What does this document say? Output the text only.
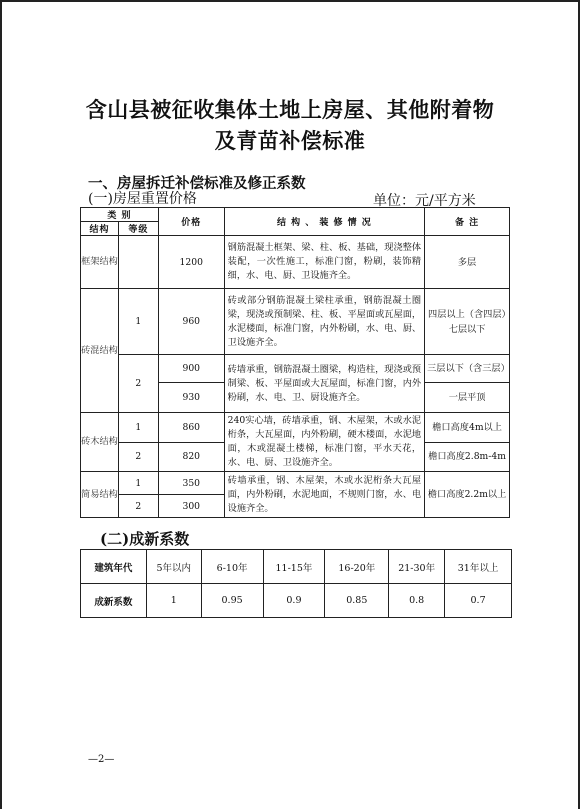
含山县被征收集体土地上房屋、其他附着物
及青苗补偿标准
一、房屋拆迁补偿标准及修正系数
(一)房屋重置价格	单位：元/平方米
类 别		价格	结 构 、 装 修 情 况	备 注
结构	等级			
框架结构		1200	钢筋混凝土框架、梁、柱、板、基础，现浇整体装配，一次性施工，标准门窗，粉刷，装饰精细，水、电、厨、卫设施齐全。	多层
砖混结构	1	960	砖或部分钢筋混凝土梁柱承重，钢筋混凝土圈梁，现浇或预制梁、柱、板、平屋面或瓦屋面，水泥楼面，标准门窗，内外粉刷，水、电、厨、卫设施齐全。	四层以上（含四层）七层以下
	2	900	砖墙承重，钢筋混凝土圈梁，构造柱，现浇或预制梁、板、平屋面或大瓦屋面，标准门窗，内外粉刷，水、电、卫、厨设施齐全。	三层以下（含三层）
		930		一层平顶
砖木结构	1	860	240实心墙，砖墙承重，钢、木屋架，木或水泥桁条，大瓦屋面，内外粉刷，硬木楼面，水泥地面，木或混凝土楼梯，标准门窗，平水天花，水、电、厨、卫设施齐全。	檐口高度4m以上
	2	820		檐口高度2.8m-4m
简易结构	1	350	砖墙承重，钢、木屋架，木或水泥桁条大瓦屋面，内外粉刷，水泥地面，不规则门窗，水、电设施齐全。	檐口高度2.2m以上
	2	300		
(二)成新系数
建筑年代	5年以内	6-10年	11-15年	16-20年	21-30年	31年以上
成新系数	1	0.95	0.9	0.85	0.8	0.7
—2—
